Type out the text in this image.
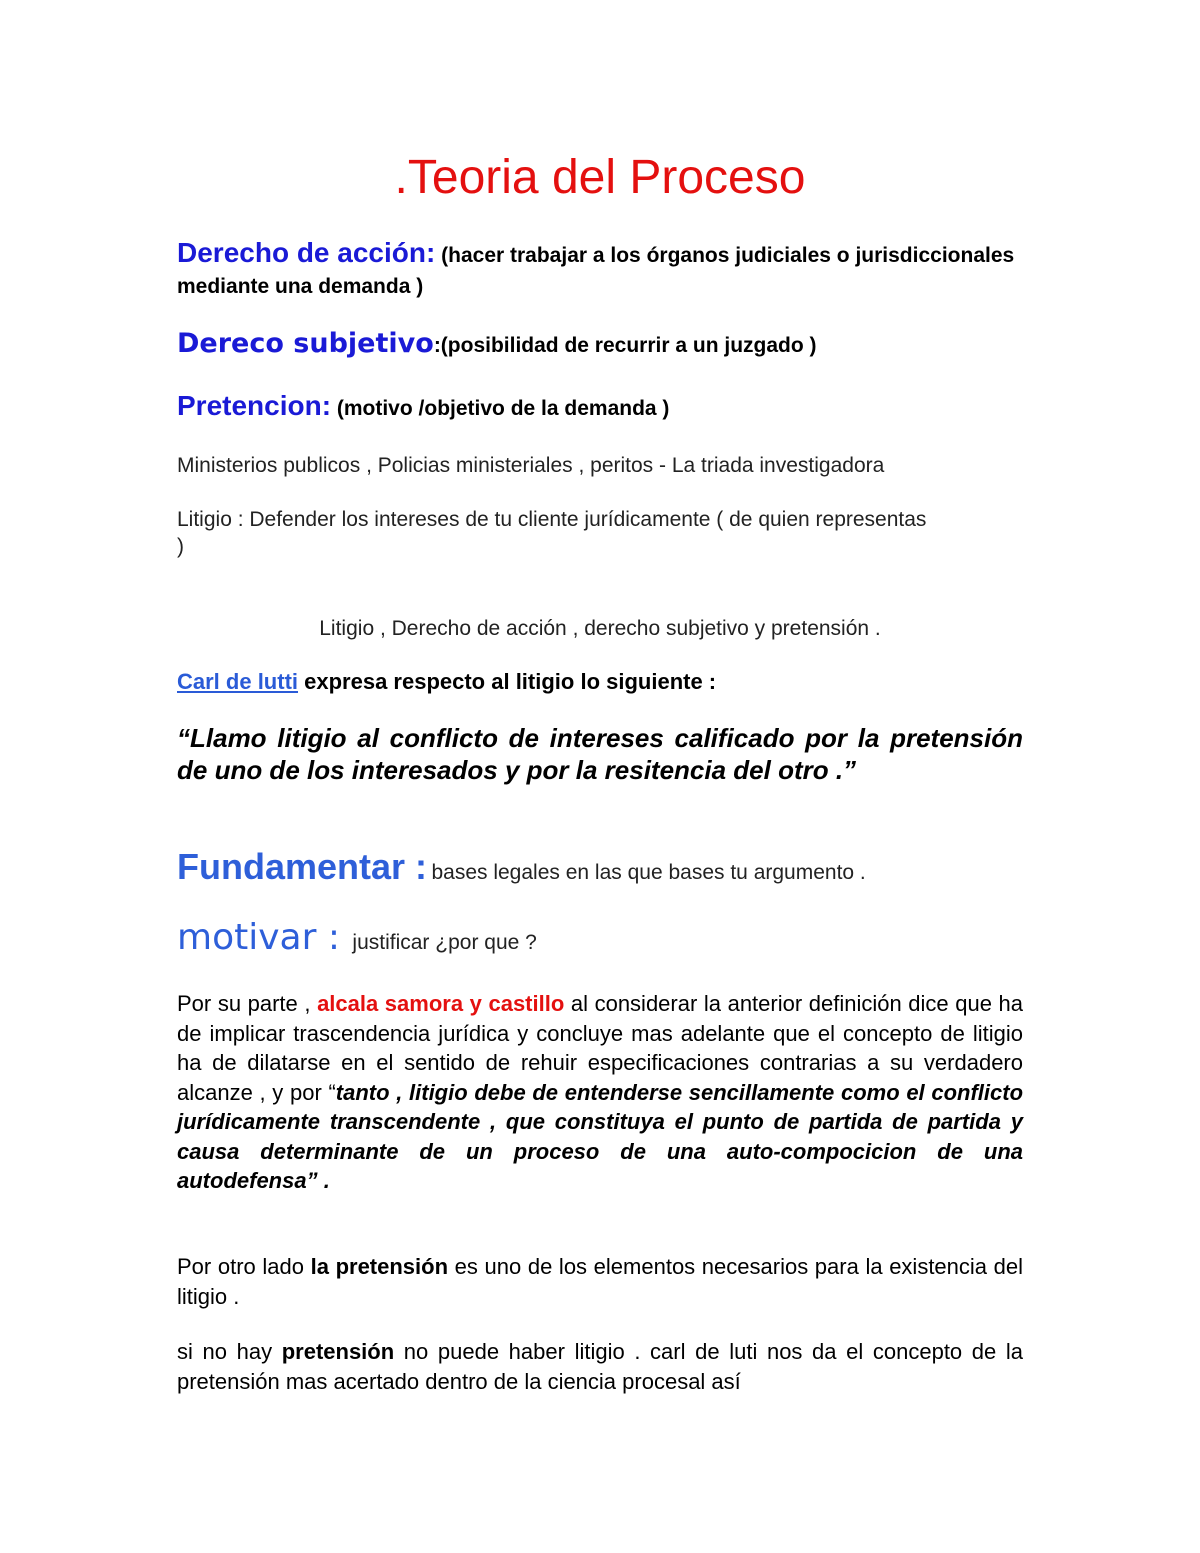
.Teoria del Proceso
Derecho de acción: (hacer trabajar a los órganos judiciales o jurisdiccionales mediante una demanda )
Dereco subjetivo:(posibilidad de recurrir a un juzgado )
Pretencion: (motivo /objetivo de la demanda )
Ministerios publicos , Policias ministeriales , peritos - La triada investigadora
Litigio : Defender los intereses de tu cliente jurídicamente ( de quien representas )
Litigio , Derecho de acción , derecho subjetivo y pretensión .
Carl de lutti expresa respecto al litigio lo siguiente :
“Llamo litigio al conflicto de intereses calificado por la pretensión de uno de los interesados y por la resitencia del otro .”
Fundamentar : bases legales en las que bases tu argumento .
motivar : justificar ¿por que ?
Por su parte , alcala samora y castillo al considerar la anterior definición dice que ha de implicar trascendencia jurídica y concluye mas adelante que el concepto de litigio ha de dilatarse en el sentido de rehuir especificaciones contrarias a su verdadero alcanze , y por “tanto , litigio debe de entenderse sencillamente como el conflicto jurídicamente transcendente , que constituya el punto de partida de partida y causa determinante de un proceso de una auto-compocicion de una autodefensa” .
Por otro lado la pretensión es uno de los elementos necesarios para la existencia del litigio .
si no hay pretensión no puede haber litigio . carl de luti nos da el concepto de la pretensión mas acertado dentro de la ciencia procesal así
